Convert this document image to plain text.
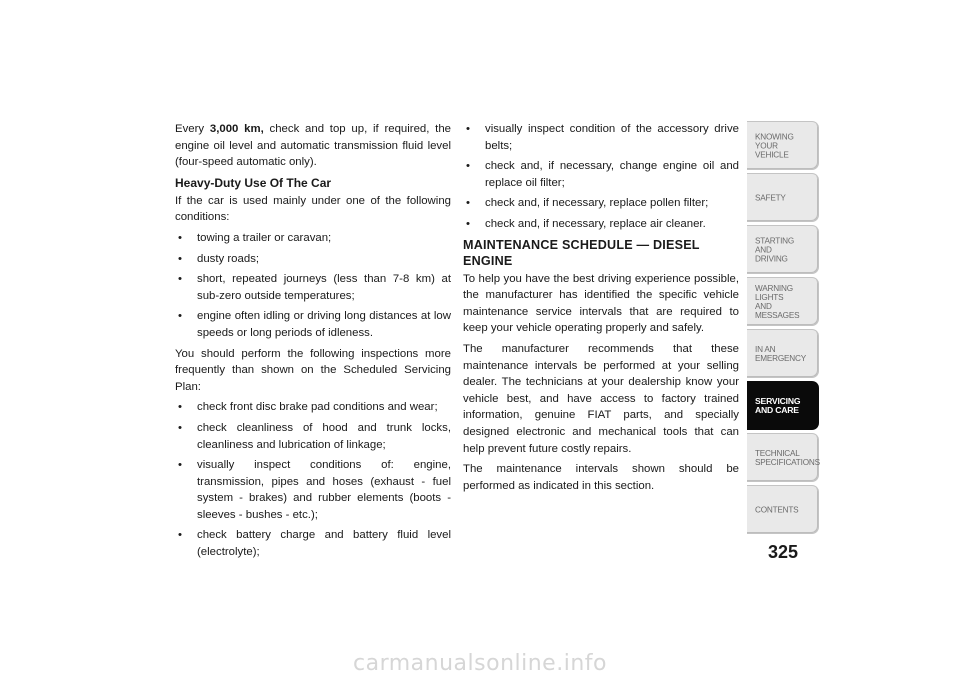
Every 3,000 km, check and top up, if required, the engine oil level and automatic transmission fluid level (four-speed automatic only).

Heavy-Duty Use Of The Car

If the car is used mainly under one of the following conditions:

• towing a trailer or caravan;
• dusty roads;
• short, repeated journeys (less than 7-8 km) at sub-zero outside temperatures;
• engine often idling or driving long distances at low speeds or long periods of idleness.

You should perform the following inspections more frequently than shown on the Scheduled Servicing Plan:

• check front disc brake pad conditions and wear;
• check cleanliness of hood and trunk locks, cleanliness and lubrication of linkage;
• visually inspect conditions of: engine, transmission, pipes and hoses (exhaust - fuel system - brakes) and rubber elements (boots - sleeves - bushes - etc.);
• check battery charge and battery fluid level (electrolyte);
• visually inspect condition of the accessory drive belts;
• check and, if necessary, change engine oil and replace oil filter;
• check and, if necessary, replace pollen filter;
• check and, if necessary, replace air cleaner.
MAINTENANCE SCHEDULE — DIESEL ENGINE

To help you have the best driving experience possible, the manufacturer has identified the specific vehicle maintenance service intervals that are required to keep your vehicle operating properly and safely.

The manufacturer recommends that these maintenance intervals be performed at your selling dealer. The technicians at your dealership know your vehicle best, and have access to factory trained information, genuine FIAT parts, and specially designed electronic and mechanical tools that can help prevent future costly repairs.

The maintenance intervals shown should be performed as indicated in this section.

KNOWING
YOUR
VEHICLE
SAFETY
STARTING
AND
DRIVING
WARNING
LIGHTS
AND
MESSAGES
IN AN
EMERGENCY
SERVICING
AND CARE
TECHNICAL
SPECIFICATIONS
CONTENTS
325
carmanualsonline.info
